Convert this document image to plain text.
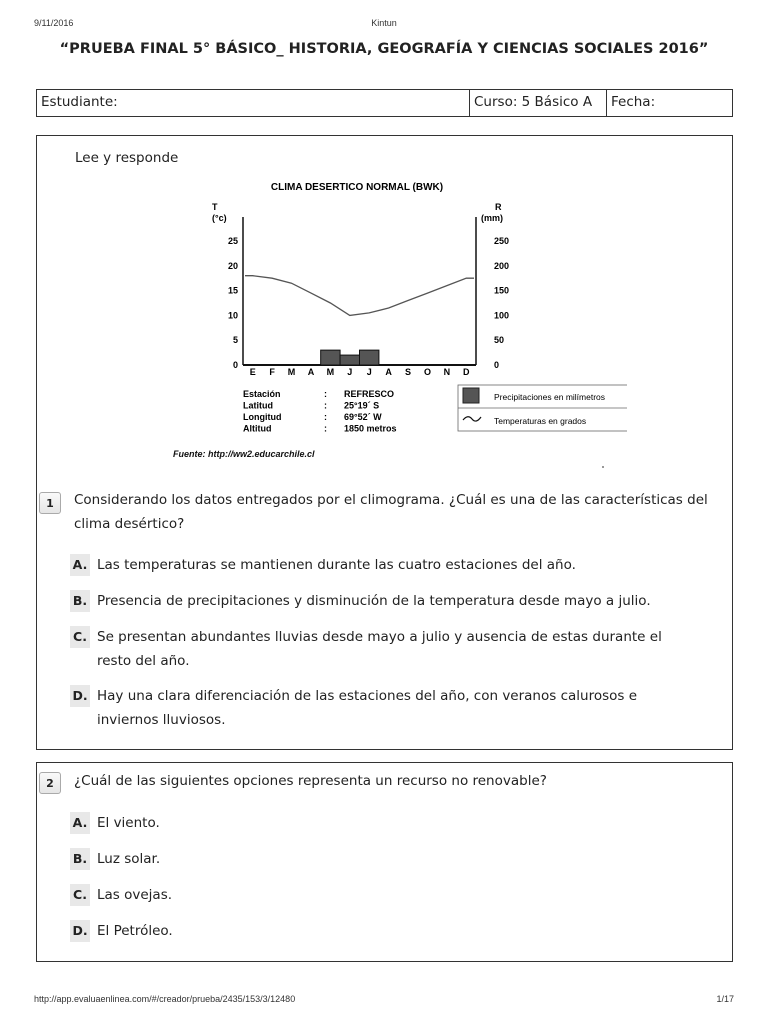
9/11/2016	Kintun
“PRUEBA FINAL 5° BÁSICO_ HISTORIA, GEOGRAFÍA Y CIENCIAS SOCIALES 2016”
Estudiante:	Curso: 5 Básico A	Fecha:
Lee y responde
CLIMA DESERTICO NORMAL (BWK)
T
(°c)
R
(mm)
25
20
15
10
5
0
250
200
150
100
50
0
E F M A M J J A S O N D
Estación	: REFRESCO
Latitud	: 25°19´ S
Longitud	: 69°52´ W
Altitud	: 1850 metros
Precipitaciones en milímetros
Temperaturas en grados
Fuente: http://ww2.educarchile.cl
1	Considerando los datos entregados por el climograma. ¿Cuál es una de las características del clima desértico?
A. Las temperaturas se mantienen durante las cuatro estaciones del año.
B. Presencia de precipitaciones y disminución de la temperatura desde mayo a julio.
C. Se presentan abundantes lluvias desde mayo a julio y ausencia de estas durante el resto del año.
D. Hay una clara diferenciación de las estaciones del año, con veranos calurosos e inviernos lluviosos.
2	¿Cuál de las siguientes opciones representa un recurso no renovable?
A. El viento.
B. Luz solar.
C. Las ovejas.
D. El Petróleo.
http://app.evaluaenlinea.com/#/creador/prueba/2435/153/3/12480	1/17
